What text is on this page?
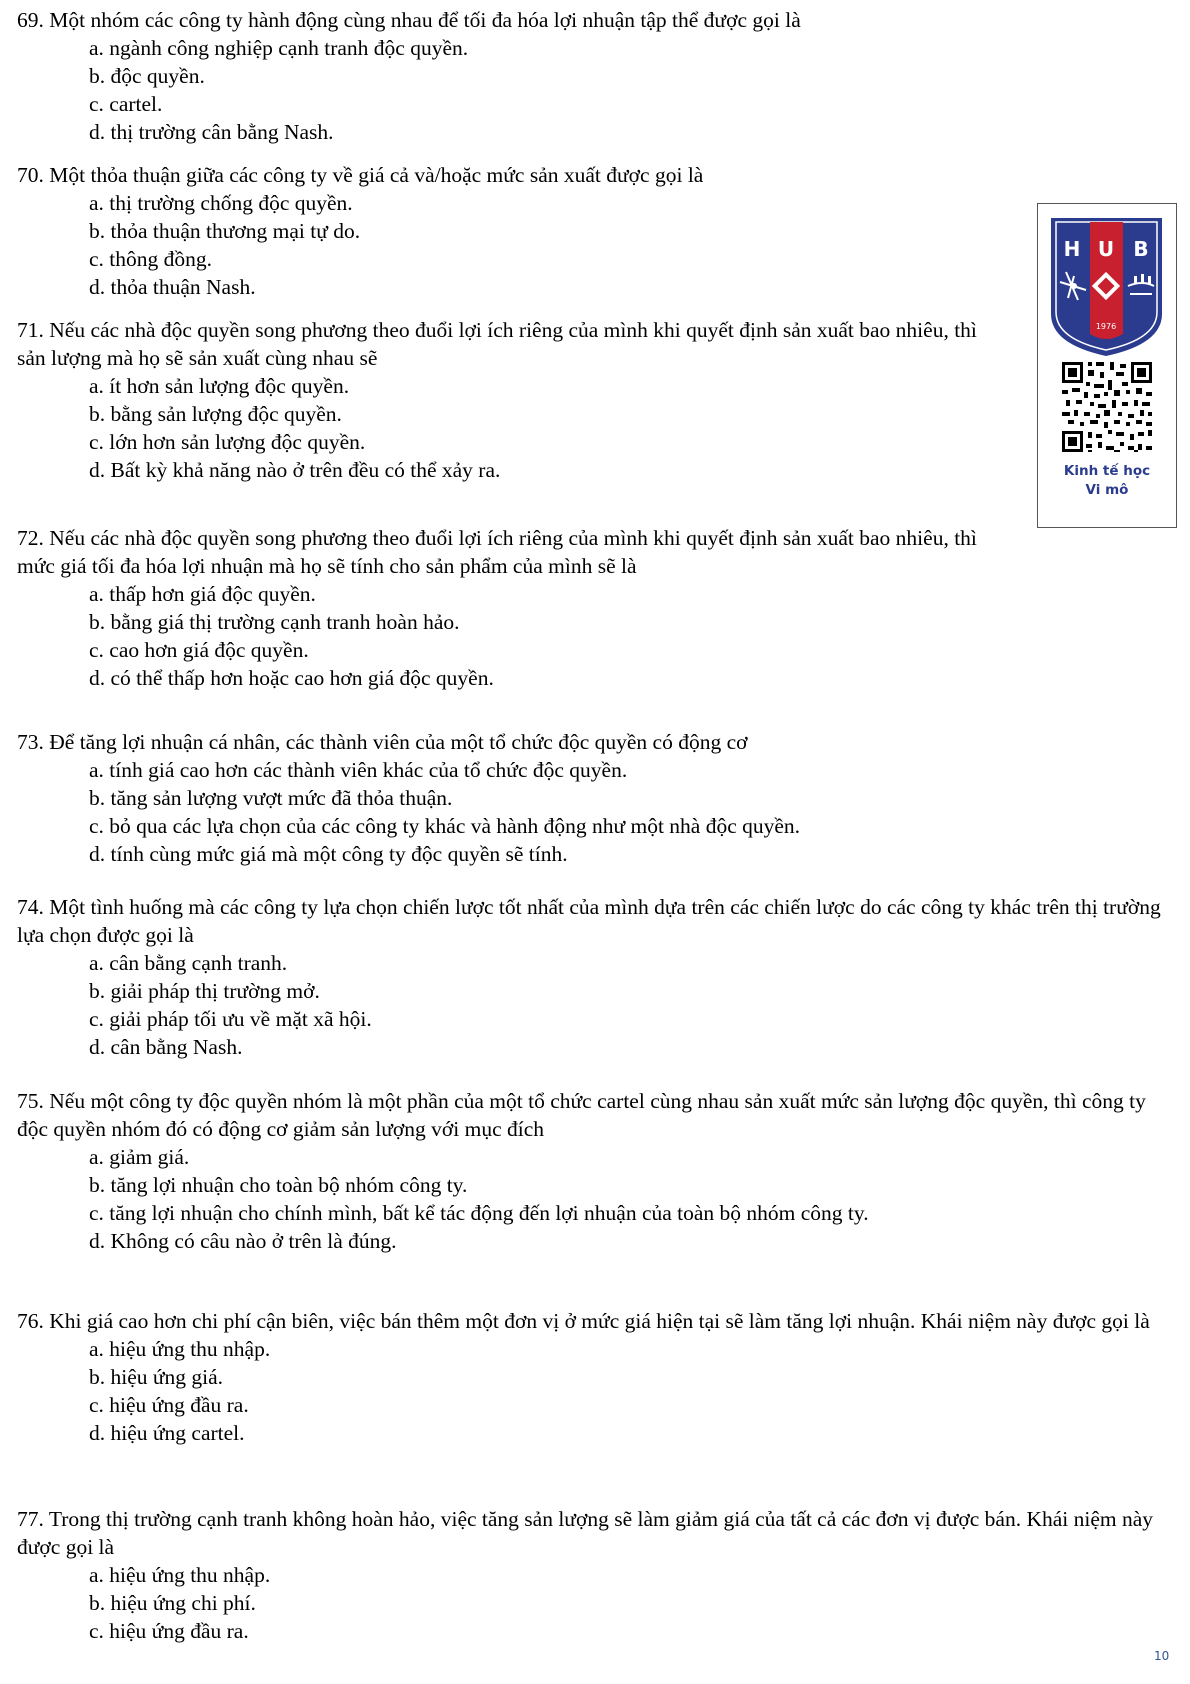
69. Một nhóm các công ty hành động cùng nhau để tối đa hóa lợi nhuận tập thể được gọi là

a. ngành công nghiệp cạnh tranh độc quyền.

b. độc quyền.

c. cartel.

d. thị trường cân bằng Nash.

70. Một thỏa thuận giữa các công ty về giá cả và/hoặc mức sản xuất được gọi là

a. thị trường chống độc quyền.

b. thỏa thuận thương mại tự do.

c. thông đồng.

d. thỏa thuận Nash.

71. Nếu các nhà độc quyền song phương theo đuổi lợi ích riêng của mình khi quyết định sản xuất bao nhiêu, thì sản lượng mà họ sẽ sản xuất cùng nhau sẽ

a. ít hơn sản lượng độc quyền.

b. bằng sản lượng độc quyền.

c. lớn hơn sản lượng độc quyền.

d. Bất kỳ khả năng nào ở trên đều có thể xảy ra.

72. Nếu các nhà độc quyền song phương theo đuổi lợi ích riêng của mình khi quyết định sản xuất bao nhiêu, thì mức giá tối đa hóa lợi nhuận mà họ sẽ tính cho sản phẩm của mình sẽ là

a. thấp hơn giá độc quyền.

b. bằng giá thị trường cạnh tranh hoàn hảo.

c. cao hơn giá độc quyền.

d. có thể thấp hơn hoặc cao hơn giá độc quyền.

73. Để tăng lợi nhuận cá nhân, các thành viên của một tổ chức độc quyền có động cơ

a. tính giá cao hơn các thành viên khác của tổ chức độc quyền.

b. tăng sản lượng vượt mức đã thỏa thuận.

c. bỏ qua các lựa chọn của các công ty khác và hành động như một nhà độc quyền.

d. tính cùng mức giá mà một công ty độc quyền sẽ tính.

74. Một tình huống mà các công ty lựa chọn chiến lược tốt nhất của mình dựa trên các chiến lược do các công ty khác trên thị trường lựa chọn được gọi là

a. cân bằng cạnh tranh.

b. giải pháp thị trường mở.

c. giải pháp tối ưu về mặt xã hội.

d. cân bằng Nash.

75. Nếu một công ty độc quyền nhóm là một phần của một tổ chức cartel cùng nhau sản xuất mức sản lượng độc quyền, thì công ty độc quyền nhóm đó có động cơ giảm sản lượng với mục đích

a. giảm giá.

b. tăng lợi nhuận cho toàn bộ nhóm công ty.

c. tăng lợi nhuận cho chính mình, bất kể tác động đến lợi nhuận của toàn bộ nhóm công ty.

d. Không có câu nào ở trên là đúng.

76. Khi giá cao hơn chi phí cận biên, việc bán thêm một đơn vị ở mức giá hiện tại sẽ làm tăng lợi nhuận. Khái niệm này được gọi là

a. hiệu ứng thu nhập.

b. hiệu ứng giá.

c. hiệu ứng đầu ra.

d. hiệu ứng cartel.

77. Trong thị trường cạnh tranh không hoàn hảo, việc tăng sản lượng sẽ làm giảm giá của tất cả các đơn vị được bán. Khái niệm này được gọi là

a. hiệu ứng thu nhập.

b. hiệu ứng chi phí.

c. hiệu ứng đầu ra.

H U B
1976
Kinh tế học
Vi mô
10
